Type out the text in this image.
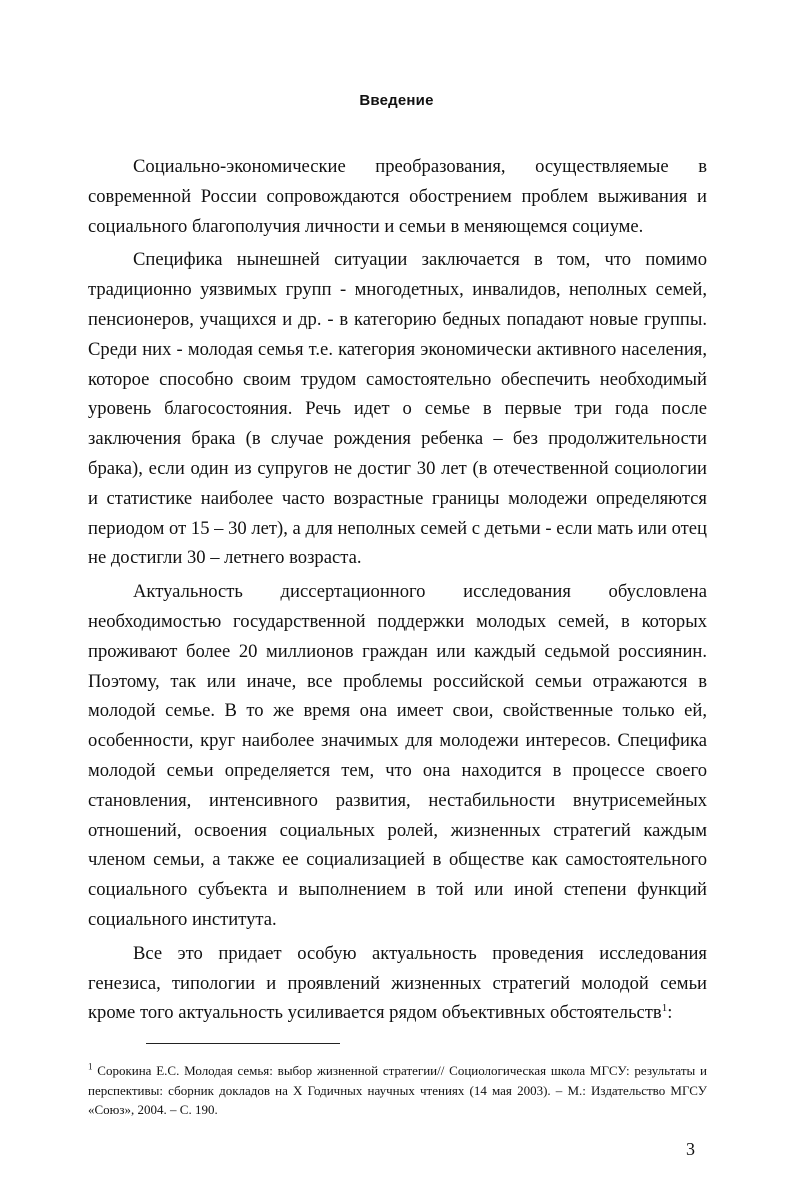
Введение

Социально-экономические преобразования, осуществляемые в современной России сопровождаются обострением проблем выживания и социального благополучия личности и семьи в меняющемся социуме.

Специфика нынешней ситуации заключается в том, что помимо традиционно уязвимых групп - многодетных, инвалидов, неполных семей, пенсионеров, учащихся и др. - в категорию бедных попадают новые группы. Среди них - молодая семья т.е. категория экономически активного населения, которое способно своим трудом самостоятельно обеспечить необходимый уровень благосостояния. Речь идет о семье в первые три года после заключения брака (в случае рождения ребенка – без продолжительности брака), если один из супругов не достиг 30 лет (в отечественной социологии и статистике наиболее часто возрастные границы молодежи определяются периодом от 15 – 30 лет), а для неполных семей с детьми - если мать или отец не достигли 30 – летнего возраста.

Актуальность диссертационного исследования обусловлена необходимостью государственной поддержки молодых семей, в которых проживают более 20 миллионов граждан или каждый седьмой россиянин. Поэтому, так или иначе, все проблемы российской семьи отражаются в молодой семье. В то же время она имеет свои, свойственные только ей, особенности, круг наиболее значимых для молодежи интересов. Специфика молодой семьи определяется тем, что она находится в процессе своего становления, интенсивного развития, нестабильности внутрисемейных отношений, освоения социальных ролей, жизненных стратегий каждым членом семьи, а также ее социализацией в обществе как самостоятельного социального субъекта и выполнением в той или иной степени функций социального института.

Все это придает особую актуальность проведения исследования генезиса, типологии и проявлений жизненных стратегий молодой семьи кроме того актуальность усиливается рядом объективных обстоятельств$^1$:

$^1$ Сорокина Е.С. Молодая семья: выбор жизненной стратегии// Социологическая школа МГСУ: результаты и перспективы: сборник докладов на X Годичных научных чтениях (14 мая 2003). – М.: Издательство МГСУ «Союз», 2004. – С. 190.
3
